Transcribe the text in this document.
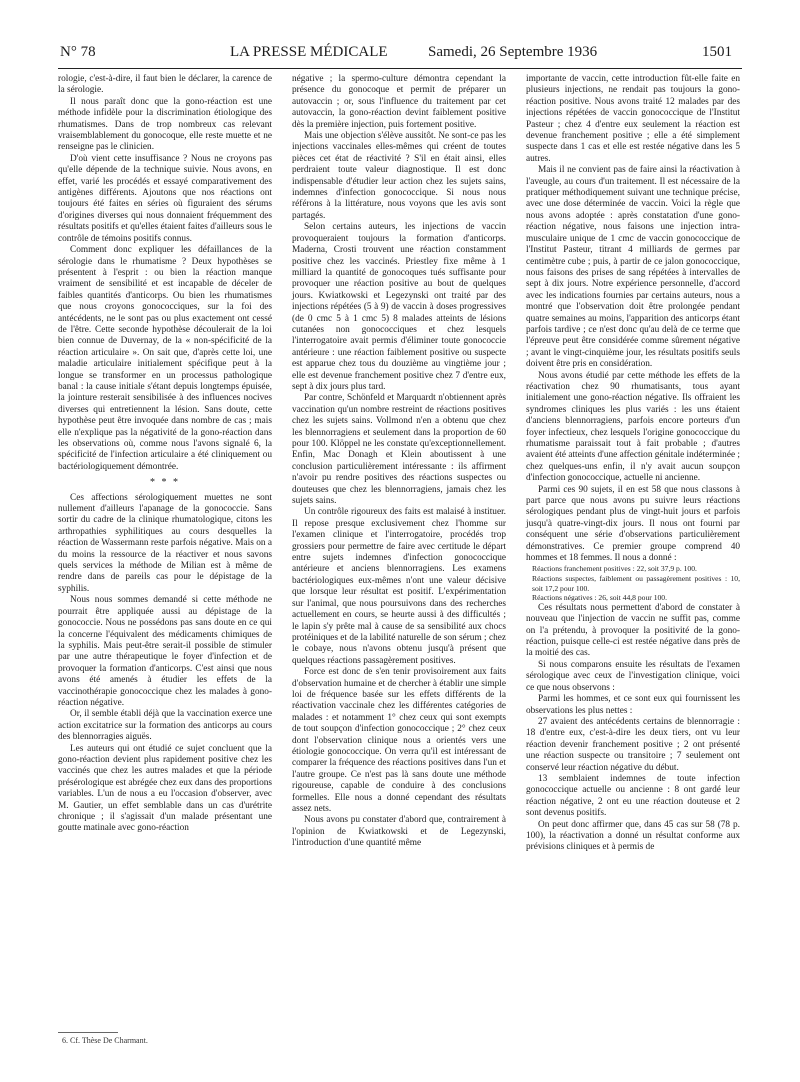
N° 78	LA PRESSE MÉDICALE	Samedi, 26 Septembre 1936	1501

rologie, c'est-à-dire, il faut bien le déclarer, la carence de la sérologie.

Il nous paraît donc que la gono-réaction est une méthode infidèle pour la discrimination étiologique des rhumatismes. Dans de trop nombreux cas relevant vraisemblablement du gonocoque, elle reste muette et ne renseigne pas le clinicien.

D'où vient cette insuffisance ? Nous ne croyons pas qu'elle dépende de la technique suivie. Nous avons, en effet, varié les procédés et essayé comparativement des antigènes différents. Ajoutons que nos réactions ont toujours été faites en séries où figuraient des sérums d'origines diverses qui nous donnaient fréquemment des résultats positifs et qu'elles étaient faites d'ailleurs sous le contrôle de témoins positifs connus.

Comment donc expliquer les défaillances de la sérologie dans le rhumatisme ? Deux hypothèses se présentent à l'esprit : ou bien la réaction manque vraiment de sensibilité et est incapable de déceler de faibles quantités d'anticorps. Ou bien les rhumatismes que nous croyons gonococciques, sur la foi des antécédents, ne le sont pas ou plus exactement ont cessé de l'être. Cette seconde hypothèse découlerait de la loi bien connue de Duvernay, de la « non-spécificité de la réaction articulaire ». On sait que, d'après cette loi, une maladie articulaire initialement spécifique peut à la longue se transformer en un processus pathologique banal : la cause initiale s'étant depuis longtemps épuisée, la jointure resterait sensibilisée à des influences nocives diverses qui entretiennent la lésion. Sans doute, cette hypothèse peut être invoquée dans nombre de cas ; mais elle n'explique pas la négativité de la gono-réaction dans les observations où, comme nous l'avons signalé 6, la spécificité de l'infection articulaire a été cliniquement ou bactériologiquement démontrée.

* * *

Ces affections sérologiquement muettes ne sont nullement d'ailleurs l'apanage de la gonococcie. Sans sortir du cadre de la clinique rhumatologique, citons les arthropathies syphilitiques au cours desquelles la réaction de Wassermann reste parfois négative. Mais on a du moins la ressource de la réactiver et nous savons quels services la méthode de Milian est à même de rendre dans de pareils cas pour le dépistage de la syphilis.

Nous nous sommes demandé si cette méthode ne pourrait être appliquée aussi au dépistage de la gonococcie. Nous ne possédons pas sans doute en ce qui la concerne l'équivalent des médicaments chimiques de la syphilis. Mais peut-être serait-il possible de stimuler par une autre thérapeutique le foyer d'infection et de provoquer la formation d'anticorps. C'est ainsi que nous avons été amenés à étudier les effets de la vaccinothérapie gonococcique chez les malades à gono-réaction négative.

Or, il semble établi déjà que la vaccination exerce une action excitatrice sur la formation des anticorps au cours des blennorragies aiguës.

Les auteurs qui ont étudié ce sujet concluent que la gono-réaction devient plus rapidement positive chez les vaccinés que chez les autres malades et que la période présérologique est abrégée chez eux dans des proportions variables. L'un de nous a eu l'occasion d'observer, avec M. Gautier, un effet semblable dans un cas d'urétrite chronique ; il s'agissait d'un malade présentant une goutte matinale avec gono-réaction

négative ; la spermo-culture démontra cependant la présence du gonocoque et permit de préparer un autovaccin ; or, sous l'influence du traitement par cet autovaccin, la gono-réaction devint faiblement positive dès la première injection, puis fortement positive.

Mais une objection s'élève aussitôt. Ne sont-ce pas les injections vaccinales elles-mêmes qui créent de toutes pièces cet état de réactivité ? S'il en était ainsi, elles perdraient toute valeur diagnostique. Il est donc indispensable d'étudier leur action chez les sujets sains, indemnes d'infection gonococcique. Si nous nous référons à la littérature, nous voyons que les avis sont partagés.

Selon certains auteurs, les injections de vaccin provoqueraient toujours la formation d'anticorps. Maderna, Crosti trouvent une réaction constamment positive chez les vaccinés. Priestley fixe même à 1 milliard la quantité de gonocoques tués suffisante pour provoquer une réaction positive au bout de quelques jours. Kwiatkowski et Legezynski ont traité par des injections répétées (5 à 9) de vaccin à doses progressives (de 0 cmc 5 à 1 cmc 5) 8 malades atteints de lésions cutanées non gonococciques et chez lesquels l'interrogatoire avait permis d'éliminer toute gonococcie antérieure : une réaction faiblement positive ou suspecte est apparue chez tous du douzième au vingtième jour ; elle est devenue franchement positive chez 7 d'entre eux, sept à dix jours plus tard.

Par contre, Schönfeld et Marquardt n'obtiennent après vaccination qu'un nombre restreint de réactions positives chez les sujets sains. Vollmond n'en a obtenu que chez les blennorragiens et seulement dans la proportion de 60 pour 100. Klöppel ne les constate qu'exceptionnellement. Enfin, Mac Donagh et Klein aboutissent à une conclusion particulièrement intéressante : ils affirment n'avoir pu rendre positives des réactions suspectes ou douteuses que chez les blennorragiens, jamais chez les sujets sains.

Un contrôle rigoureux des faits est malaisé à instituer. Il repose presque exclusivement chez l'homme sur l'examen clinique et l'interrogatoire, procédés trop grossiers pour permettre de faire avec certitude le départ entre sujets indemnes d'infection gonococcique antérieure et anciens blennorragiens. Les examens bactériologiques eux-mêmes n'ont une valeur décisive que lorsque leur résultat est positif. L'expérimentation sur l'animal, que nous poursuivons dans des recherches actuellement en cours, se heurte aussi à des difficultés ; le lapin s'y prête mal à cause de sa sensibilité aux chocs protéiniques et de la labilité naturelle de son sérum ; chez le cobaye, nous n'avons obtenu jusqu'à présent que quelques réactions passagèrement positives.

Force est donc de s'en tenir provisoirement aux faits d'observation humaine et de chercher à établir une simple loi de fréquence basée sur les effets différents de la réactivation vaccinale chez les différentes catégories de malades : et notamment 1° chez ceux qui sont exempts de tout soupçon d'infection gonococcique ; 2° chez ceux dont l'observation clinique nous a orientés vers une étiologie gonococcique. On verra qu'il est intéressant de comparer la fréquence des réactions positives dans l'un et l'autre groupe. Ce n'est pas là sans doute une méthode rigoureuse, capable de conduire à des conclusions formelles. Elle nous a donné cependant des résultats assez nets.

Nous avons pu constater d'abord que, contrairement à l'opinion de Kwiatkowski et de Legezynski, l'introduction d'une quantité même

importante de vaccin, cette introduction fût-elle faite en plusieurs injections, ne rendait pas toujours la gono-réaction positive. Nous avons traité 12 malades par des injections répétées de vaccin gonococcique de l'Institut Pasteur ; chez 4 d'entre eux seulement la réaction est devenue franchement positive ; elle a été simplement suspecte dans 1 cas et elle est restée négative dans les 5 autres.

Mais il ne convient pas de faire ainsi la réactivation à l'aveugle, au cours d'un traitement. Il est nécessaire de la pratiquer méthodiquement suivant une technique précise, avec une dose déterminée de vaccin. Voici la règle que nous avons adoptée : après constatation d'une gono-réaction négative, nous faisons une injection intra-musculaire unique de 1 cmc de vaccin gonococcique de l'Institut Pasteur, titrant 4 milliards de germes par centimètre cube ; puis, à partir de ce jalon gonococcique, nous faisons des prises de sang répétées à intervalles de sept à dix jours. Notre expérience personnelle, d'accord avec les indications fournies par certains auteurs, nous a montré que l'observation doit être prolongée pendant quatre semaines au moins, l'apparition des anticorps étant parfois tardive ; ce n'est donc qu'au delà de ce terme que l'épreuve peut être considérée comme sûrement négative ; avant le vingt-cinquième jour, les résultats positifs seuls doivent être pris en considération.

Nous avons étudié par cette méthode les effets de la réactivation chez 90 rhumatisants, tous ayant initialement une gono-réaction négative. Ils offraient les syndromes cliniques les plus variés : les uns étaient d'anciens blennorragiens, parfois encore porteurs d'un foyer infectieux, chez lesquels l'origine gonococcique du rhumatisme paraissait tout à fait probable ; d'autres avaient été atteints d'une affection génitale indéterminée ; chez quelques-uns enfin, il n'y avait aucun soupçon d'infection gonococcique, actuelle ni ancienne.

Parmi ces 90 sujets, il en est 58 que nous classons à part parce que nous avons pu suivre leurs réactions sérologiques pendant plus de vingt-huit jours et parfois jusqu'à quatre-vingt-dix jours. Il nous ont fourni par conséquent une série d'observations particulièrement démonstratives. Ce premier groupe comprend 40 hommes et 18 femmes. Il nous a donné :

Réactions franchement positives : 22, soit 37,9 p. 100.

Réactions suspectes, faiblement ou passagèrement positives : 10, soit 17,2 pour 100.

Réactions négatives : 26, soit 44,8 pour 100.

Ces résultats nous permettent d'abord de constater à nouveau que l'injection de vaccin ne suffit pas, comme on l'a prétendu, à provoquer la positivité de la gono-réaction, puisque celle-ci est restée négative dans près de la moitié des cas.

Si nous comparons ensuite les résultats de l'examen sérologique avec ceux de l'investigation clinique, voici ce que nous observons :

Parmi les hommes, et ce sont eux qui fournissent les observations les plus nettes :

27 avaient des antécédents certains de blennorragie : 18 d'entre eux, c'est-à-dire les deux tiers, ont vu leur réaction devenir franchement positive ; 2 ont présenté une réaction suspecte ou transitoire ; 7 seulement ont conservé leur réaction négative du début.

13 semblaient indemnes de toute infection gonococcique actuelle ou ancienne : 8 ont gardé leur réaction négative, 2 ont eu une réaction douteuse et 2 sont devenus positifs.

On peut donc affirmer que, dans 45 cas sur 58 (78 p. 100), la réactivation a donné un résultat conforme aux prévisions cliniques et à permis de

6. Cf. Thèse De Charmant.
